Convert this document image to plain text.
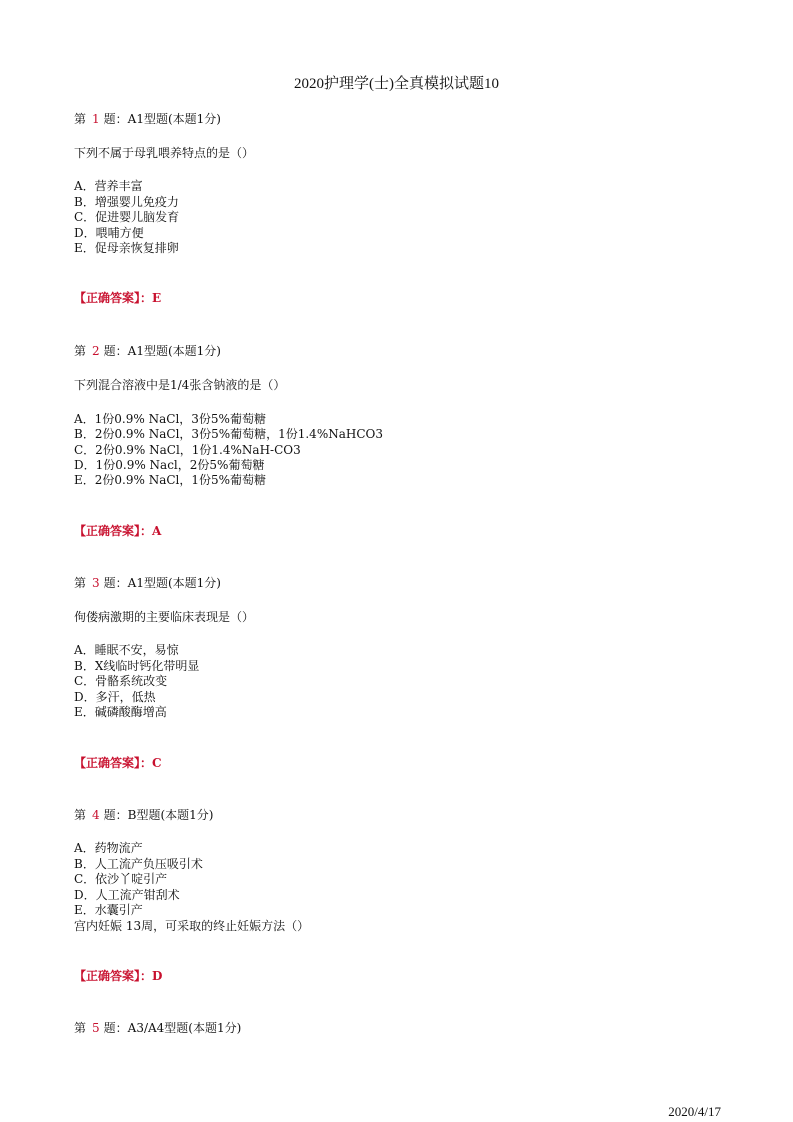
2020护理学(士)全真模拟试题10
第 1 题：A1型题(本题1分)
下列不属于母乳喂养特点的是（）
A．营养丰富
B．增强婴儿免疫力
C．促进婴儿脑发育
D．喂哺方便
E．促母亲恢复排卵
【正确答案】：E
第 2 题：A1型题(本题1分)
下列混合溶液中是1/4张含钠液的是（）
A．1份0.9% NaCl，3份5%葡萄糖
B．2份0.9% NaCl，3份5%葡萄糖，1份1.4%NaHCO3
C．2份0.9% NaCl，1份1.4%NaH-CO3
D．1份0.9% Nacl，2份5%葡萄糖
E．2份0.9% NaCl，1份5%葡萄糖
【正确答案】：A
第 3 题：A1型题(本题1分)
佝偻病激期的主要临床表现是（）
A．睡眠不安，易惊
B．X线临时钙化带明显
C．骨骼系统改变
D．多汗，低热
E．碱磷酸酶增高
【正确答案】：C
第 4 题：B型题(本题1分)
A．药物流产
B．人工流产负压吸引术
C．依沙丫啶引产
D．人工流产钳刮术
E．水囊引产
宫内妊娠 13周，可采取的终止妊娠方法（）
【正确答案】：D
第 5 题：A3/A4型题(本题1分)
2020/4/17
